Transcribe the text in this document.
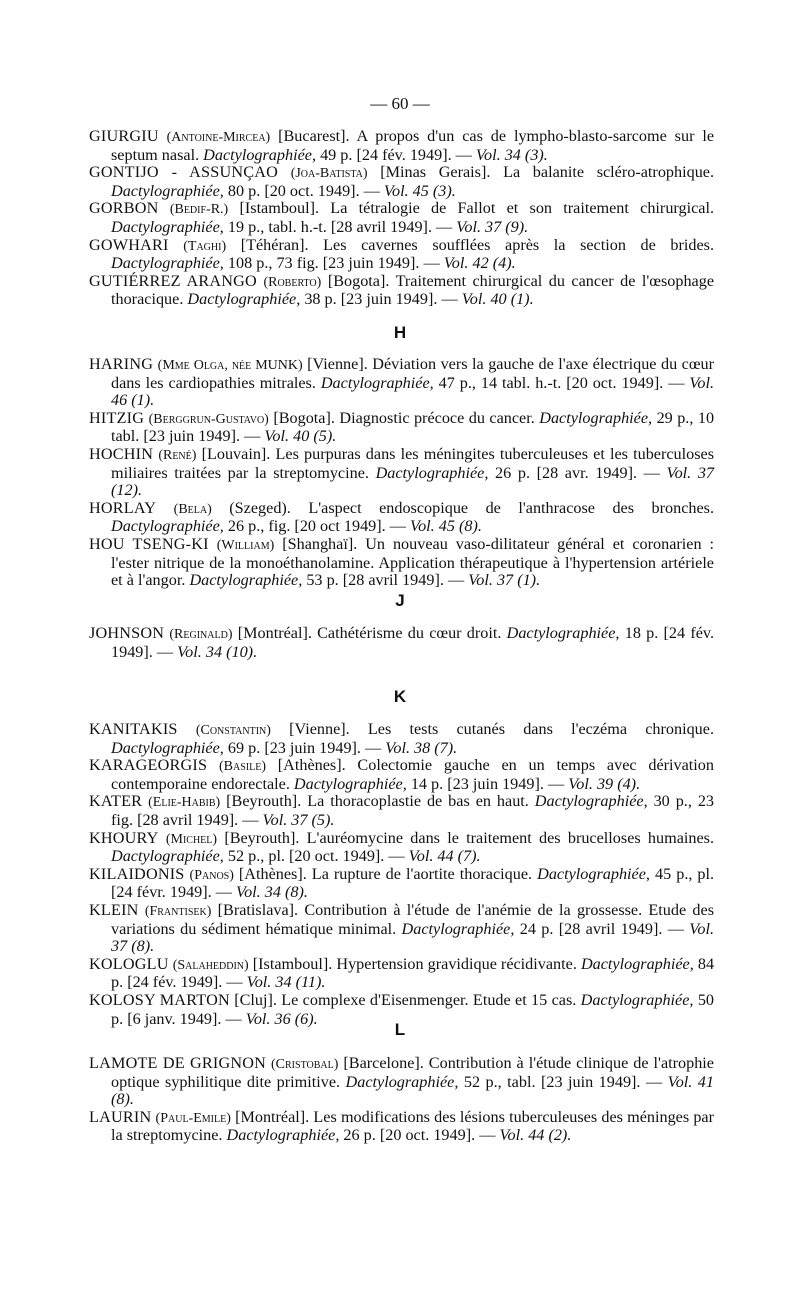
— 60 —

GIURGIU (Antoine-Mircea) [Bucarest]. A propos d'un cas de lympho-blasto-sarcome sur le septum nasal. Dactylographiée, 49 p. [24 fév. 1949]. — Vol. 34 (3).

GONTIJO - ASSUNÇAO (Joa-Batista) [Minas Gerais]. La balanite scléro-atrophique. Dactylographiée, 80 p. [20 oct. 1949]. — Vol. 45 (3).

GORBON (Bedif-R.) [Istamboul]. La tétralogie de Fallot et son traitement chirurgical. Dactylographiée, 19 p., tabl. h.-t. [28 avril 1949]. — Vol. 37 (9).

GOWHARI (Taghi) [Téhéran]. Les cavernes soufflées après la section de brides. Dactylographiée, 108 p., 73 fig. [23 juin 1949]. — Vol. 42 (4).

GUTIÉRREZ ARANGO (Roberto) [Bogota]. Traitement chirurgical du cancer de l'œsophage thoracique. Dactylographiée, 38 p. [23 juin 1949]. — Vol. 40 (1).

H

HARING (Mme Olga, née MUNK) [Vienne]. Déviation vers la gauche de l'axe électrique du cœur dans les cardiopathies mitrales. Dactylographiée, 47 p., 14 tabl. h.-t. [20 oct. 1949]. — Vol. 46 (1).

HITZIG (Berggrun-Gustavo) [Bogota]. Diagnostic précoce du cancer. Dactylographiée, 29 p., 10 tabl. [23 juin 1949]. — Vol. 40 (5).

HOCHIN (René) [Louvain]. Les purpuras dans les méningites tuberculeuses et les tuberculoses miliaires traitées par la streptomycine. Dactylographiée, 26 p. [28 avr. 1949]. — Vol. 37 (12).

HORLAY (Bela) (Szeged). L'aspect endoscopique de l'anthracose des bronches. Dactylographiée, 26 p., fig. [20 oct 1949]. — Vol. 45 (8).

HOU TSENG-KI (William) [Shanghaï]. Un nouveau vaso-dilitateur général et coronarien : l'ester nitrique de la monoéthanolamine. Application thérapeutique à l'hypertension artériele et à l'angor. Dactylographiée, 53 p. [28 avril 1949]. — Vol. 37 (1).

J

JOHNSON (Reginald) [Montréal]. Cathétérisme du cœur droit. Dactylographiée, 18 p. [24 fév. 1949]. — Vol. 34 (10).

K

KANITAKIS (Constantin) [Vienne]. Les tests cutanés dans l'eczéma chronique. Dactylographiée, 69 p. [23 juin 1949]. — Vol. 38 (7).

KARAGEORGIS (Basile) [Athènes]. Colectomie gauche en un temps avec dérivation contemporaine endorectale. Dactylographiée, 14 p. [23 juin 1949]. — Vol. 39 (4).

KATER (Elie-Habib) [Beyrouth]. La thoracoplastie de bas en haut. Dactylographiée, 30 p., 23 fig. [28 avril 1949]. — Vol. 37 (5).

KHOURY (Michel) [Beyrouth]. L'auréomycine dans le traitement des brucelloses humaines. Dactylographiée, 52 p., pl. [20 oct. 1949]. — Vol. 44 (7).

KILAIDONIS (Panos) [Athènes]. La rupture de l'aortite thoracique. Dactylographiée, 45 p., pl. [24 févr. 1949]. — Vol. 34 (8).

KLEIN (Frantisek) [Bratislava]. Contribution à l'étude de l'anémie de la grossesse. Etude des variations du sédiment hématique minimal. Dactylographiée, 24 p. [28 avril 1949]. — Vol. 37 (8).

KOLOGLU (Salaheddin) [Istamboul]. Hypertension gravidique récidivante. Dactylographiée, 84 p. [24 fév. 1949]. — Vol. 34 (11).

KOLOSY MARTON [Cluj]. Le complexe d'Eisenmenger. Etude et 15 cas. Dactylographiée, 50 p. [6 janv. 1949]. — Vol. 36 (6).

L

LAMOTE DE GRIGNON (Cristobal) [Barcelone]. Contribution à l'étude clinique de l'atrophie optique syphilitique dite primitive. Dactylographiée, 52 p., tabl. [23 juin 1949]. — Vol. 41 (8).

LAURIN (Paul-Emile) [Montréal]. Les modifications des lésions tuberculeuses des méninges par la streptomycine. Dactylographiée, 26 p. [20 oct. 1949]. — Vol. 44 (2).
